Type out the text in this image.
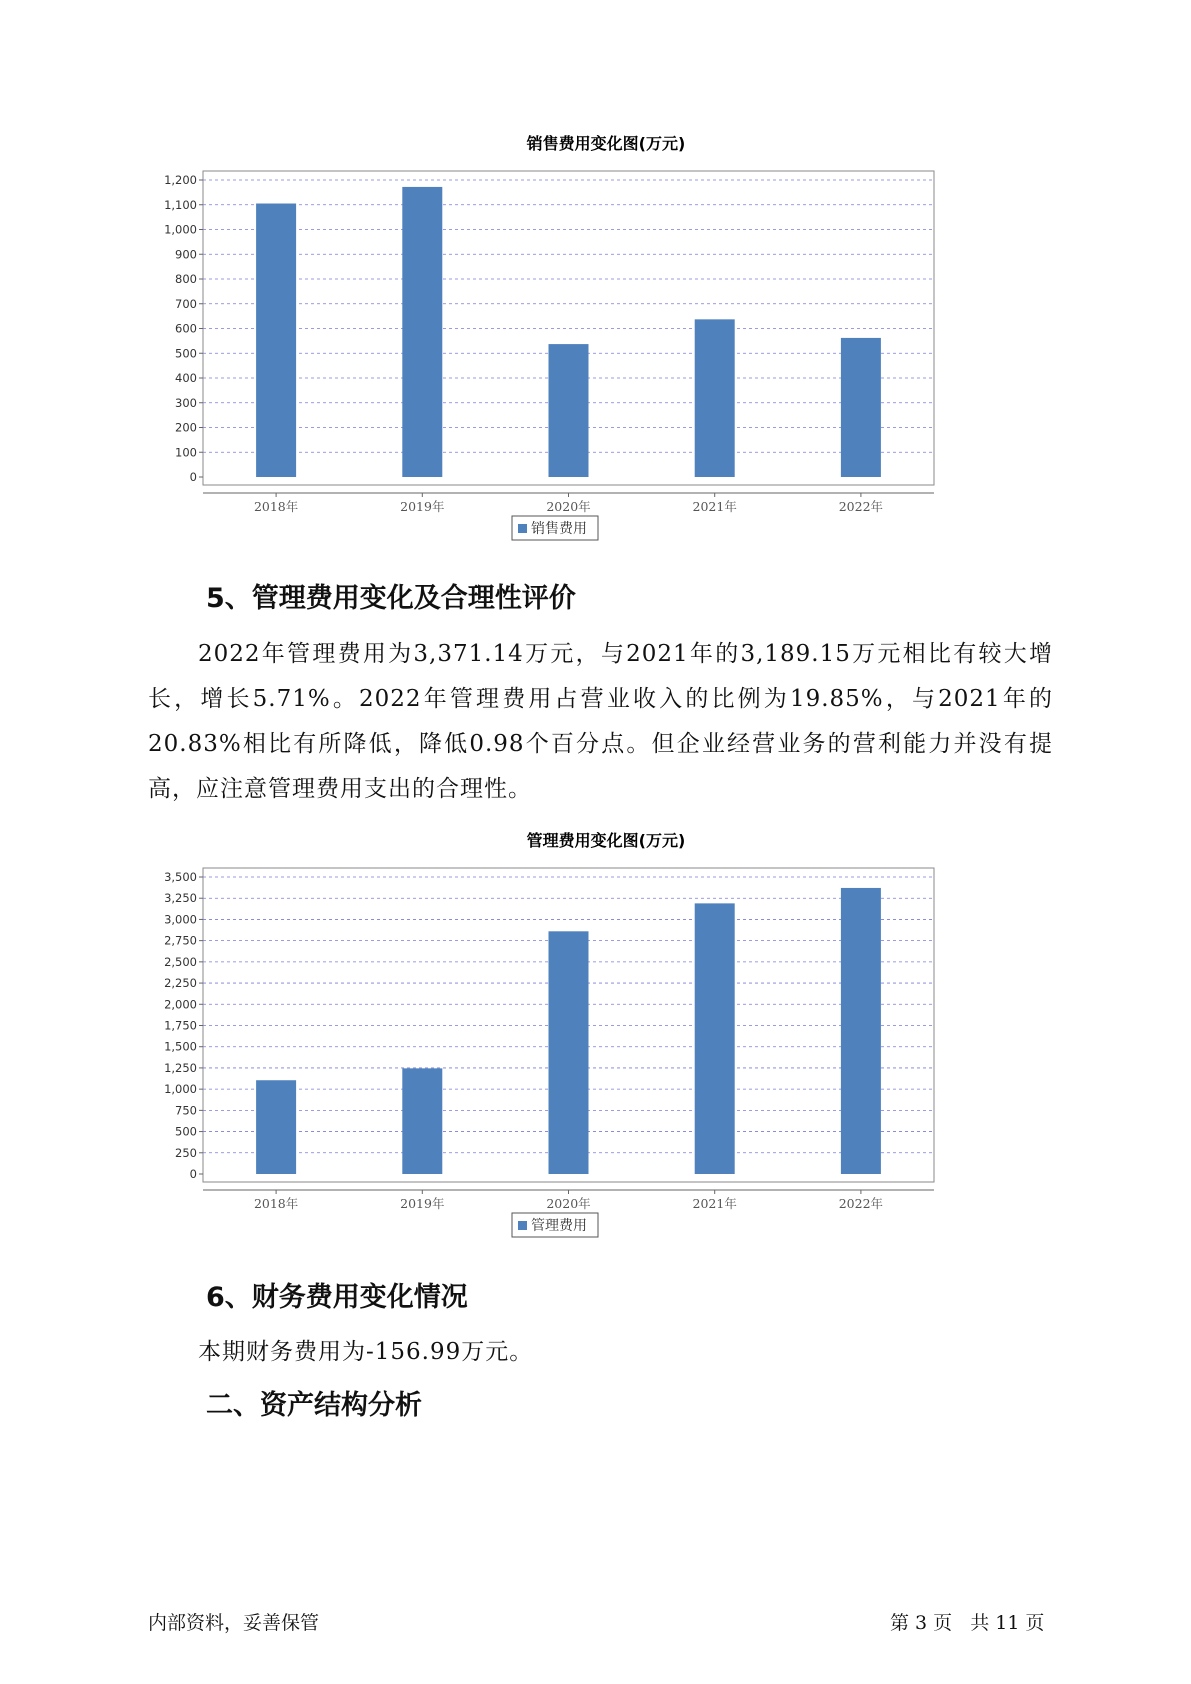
销售费用变化图(万元)
0
100
200
300
400
500
600
700
800
900
1,000
1,100
1,200
2018年	2019年	2020年	2021年	2022年
销售费用
5、管理费用变化及合理性评价

2022年管理费用为3,371.14万元，与2021年的3,189.15万元相比有较大增长，增长5.71%。2022年管理费用占营业收入的比例为19.85%，与2021年的20.83%相比有所降低，降低0.98个百分点。但企业经营业务的营利能力并没有提高，应注意管理费用支出的合理性。

管理费用变化图(万元)
0
250
500
750
1,000
1,250
1,500
1,750
2,000
2,250
2,500
2,750
3,000
3,250
3,500
2018年	2019年	2020年	2021年	2022年
管理费用
6、财务费用变化情况

本期财务费用为-156.99万元。

二、资产结构分析
内部资料，妥善保管	第 3 页 共 11 页
